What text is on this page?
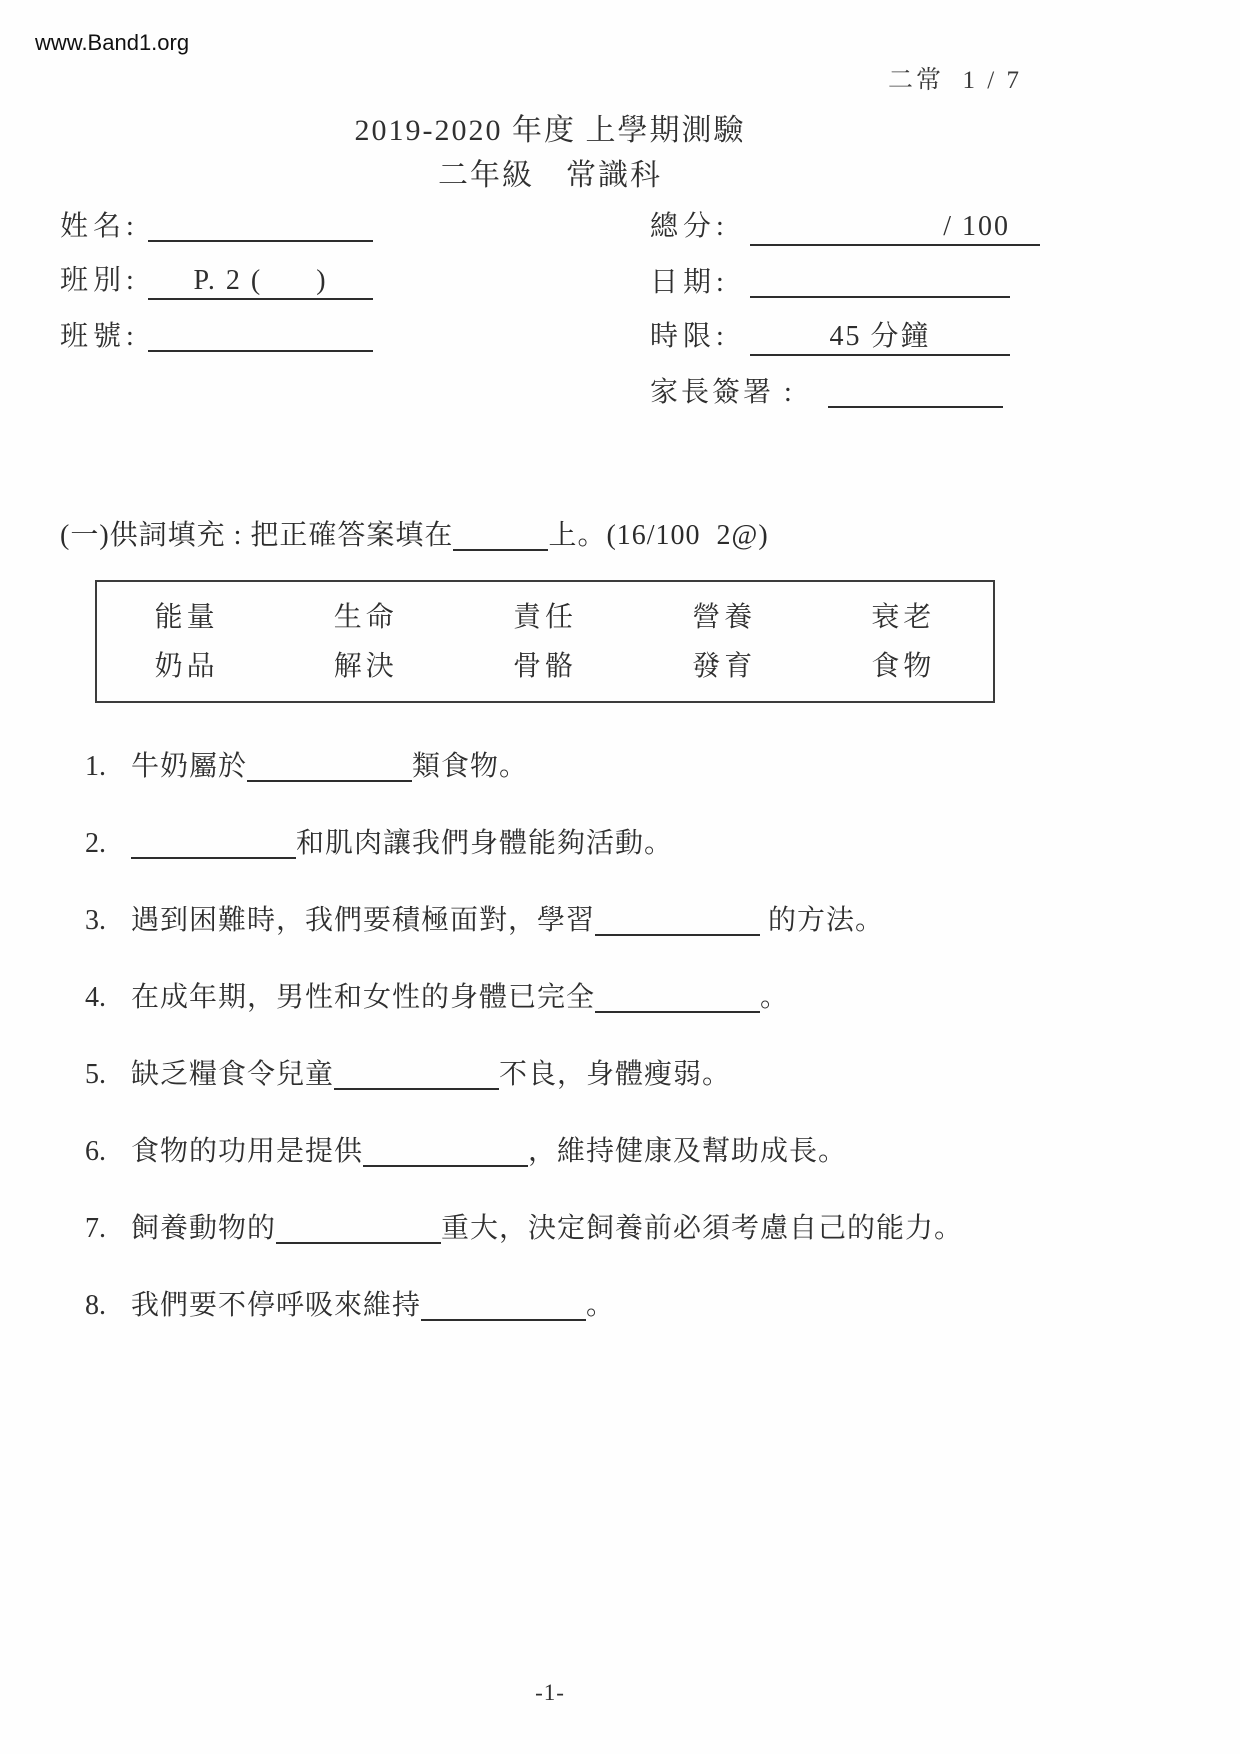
www.Band1.org
二常  1 / 7
2019-2020 年度 上學期測驗
二年級　常識科
姓名:
班別: P. 2 (      )
班號:
總分:	/ 100
日期:
時限:	45 分鐘
家長簽署 :
(一)供詞填充 : 把正確答案填在	上。(16/100  2@)
能量	生命	責任	營養	衰老
奶品	解決	骨骼	發育	食物
1. 牛奶屬於	類食物。
2.	和肌肉讓我們身體能夠活動。
3. 遇到困難時，我們要積極面對，學習	的方法。
4. 在成年期，男性和女性的身體已完全	。
5. 缺乏糧食令兒童	不良，身體瘦弱。
6. 食物的功用是提供	，維持健康及幫助成長。
7. 飼養動物的	重大，決定飼養前必須考慮自己的能力。
8. 我們要不停呼吸來維持	。
-1-
